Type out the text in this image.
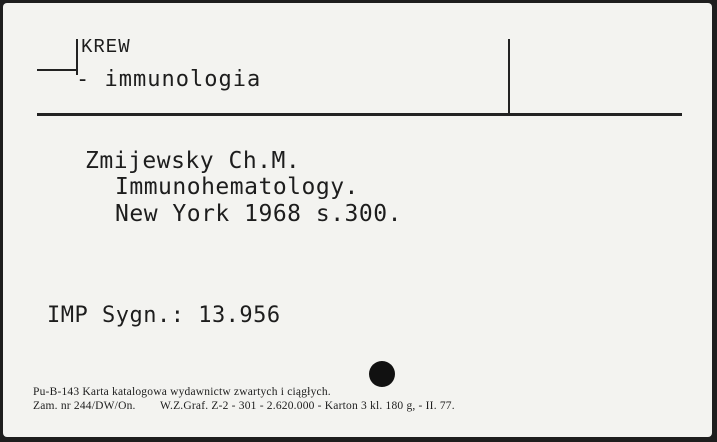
KREW
- immunologia
Zmijewsky Ch.M.
Immunohematology.
New York 1968 s.300.
IMP Sygn.: 13.956
Pu-B-143 Karta katalogowa wydawnictw zwartych i ciągłych.
Zam. nr 244/DW/On.        W.Z.Graf. Z-2 - 301 - 2.620.000 - Karton 3 kl. 180 g, - II. 77.
